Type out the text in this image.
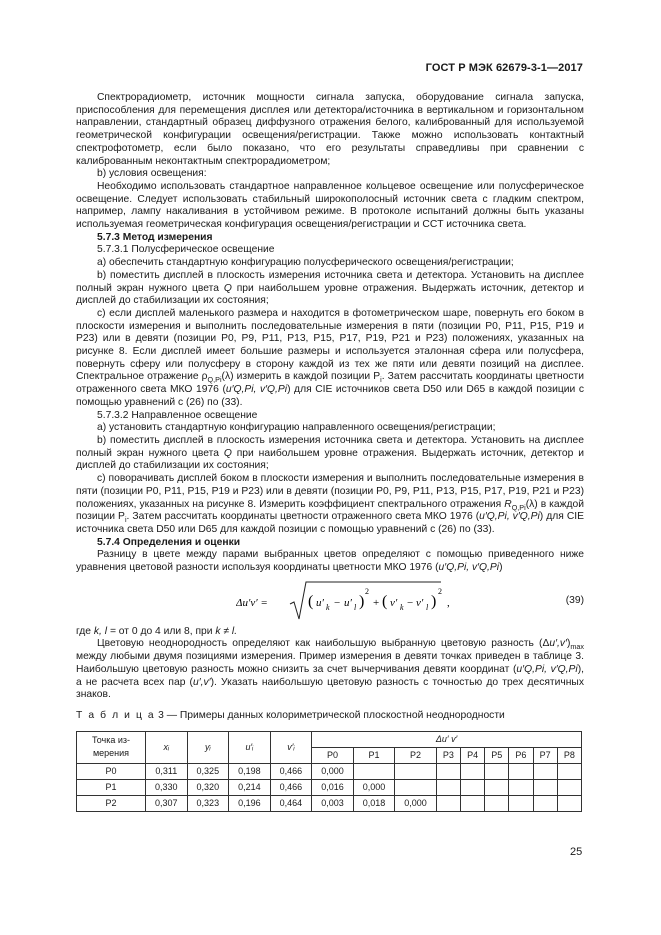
ГОСТ Р МЭК 62679-3-1—2017

Спектрорадиометр, источник мощности сигнала запуска, оборудование сигнала запуска, приспособления для перемещения дисплея или детектора/источника в вертикальном и горизонтальном направлении, стандартный образец диффузного отражения белого, калиброванный для используемой геометрической конфигурации освещения/регистрации. Также можно использовать контактный спектрофотометр, если было показано, что его результаты справедливы при сравнении с калиброванным неконтактным спектрорадиометром;

b) условия освещения:

Необходимо использовать стандартное направленное кольцевое освещение или полусферическое освещение. Следует использовать стабильный широкополосный источник света с гладким спектром, например, лампу накаливания в устойчивом режиме. В протоколе испытаний должны быть указаны используемая геометрическая конфигурация освещения/регистрации и CCT источника света.

5.7.3 Метод измерения

5.7.3.1 Полусферическое освещение

a) обеспечить стандартную конфигурацию полусферического освещения/регистрации;

b) поместить дисплей в плоскость измерения источника света и детектора. Установить на дисплее полный экран нужного цвета Q при наибольшем уровне отражения. Выдержать источник, детектор и дисплей до стабилизации их состояния;

c) если дисплей маленького размера и находится в фотометрическом шаре, повернуть его боком в плоскости измерения и выполнить последовательные измерения в пяти (позиции P0, P11, P15, P19 и P23) или в девяти (позиции P0, P9, P11, P13, P15, P17, P19, P21 и P23) положениях, указанных на рисунке 8. Если дисплей имеет большие размеры и используется эталонная сфера или полусфера, повернуть сферу или полусферу в сторону каждой из тех же пяти или девяти позиций на дисплее. Спектральное отражение $\rho_{Q,Pi}(\lambda)$ измерить в каждой позиции $P_i$. Затем рассчитать координаты цветности отраженного света МКО 1976 (u′Q,Pi, v′Q,Pi) для CIE источников света D50 или D65 в каждой позиции с помощью уравнений с (26) по (33).

5.7.3.2 Направленное освещение

a) установить стандартную конфигурацию направленного освещения/регистрации;

b) поместить дисплей в плоскость измерения источника света и детектора. Установить на дисплее полный экран нужного цвета Q при наибольшем уровне отражения. Выдержать источник, детектор и дисплей до стабилизации их состояния;

c) поворачивать дисплей боком в плоскости измерения и выполнить последовательные измерения в пяти (позиции P0, P11, P15, P19 и P23) или в девяти (позиции P0, P9, P11, P13, P15, P17, P19, P21 и P23) положениях, указанных на рисунке 8. Измерить коэффициент спектрального отражения $R_{Q,Pi}(\lambda)$ в каждой позиции $P_i$. Затем рассчитать координаты цветности отраженного света МКО 1976 (u′Q,Pi, v′Q,Pi) для CIE источника света D50 или D65 для каждой позиции с помощью уравнений с (26) по (33).

5.7.4 Определения и оценки

Разницу в цвете между парами выбранных цветов определяют с помощью приведенного ниже уравнения цветовой разности используя координаты цветности МКО 1976 (u′Q,Pi, v′Q,Pi)

Δu′v′ =	( u′ k − u′ l )
2
+ ( v′ k − v′ l )
2
,	(39)

где k, l = от 0 до 4 или 8, при k ≠ l.

Цветовую неоднородность определяют как наибольшую выбранную цветовую разность $(\Delta u',v')_{max}$ между любыми двумя позициями измерения. Пример измерения в девяти точках приведен в таблице 3. Наибольшую цветовую разность можно снизить за счет вычерчивания девяти координат (u′Q,Pi, v′Q,Pi), а не расчета всех пар (u′,v′). Указать наибольшую цветовую разность с точностью до трех десятичных знаков.

Т а б л и ц а 3 — Примеры данных колориметрической плоскостной неоднородности

Точка из-мерения	xᵢ	yᵢ	u′ᵢ	v′ᵢ	Δu′ v′								
					P0	P1	P2	P3	P4	P5	P6	P7	P8
P0	0,311	0,325	0,198	0,466	0,000								
P1	0,330	0,320	0,214	0,466	0,016	0,000							
P2	0,307	0,323	0,196	0,464	0,003	0,018	0,000						
25
